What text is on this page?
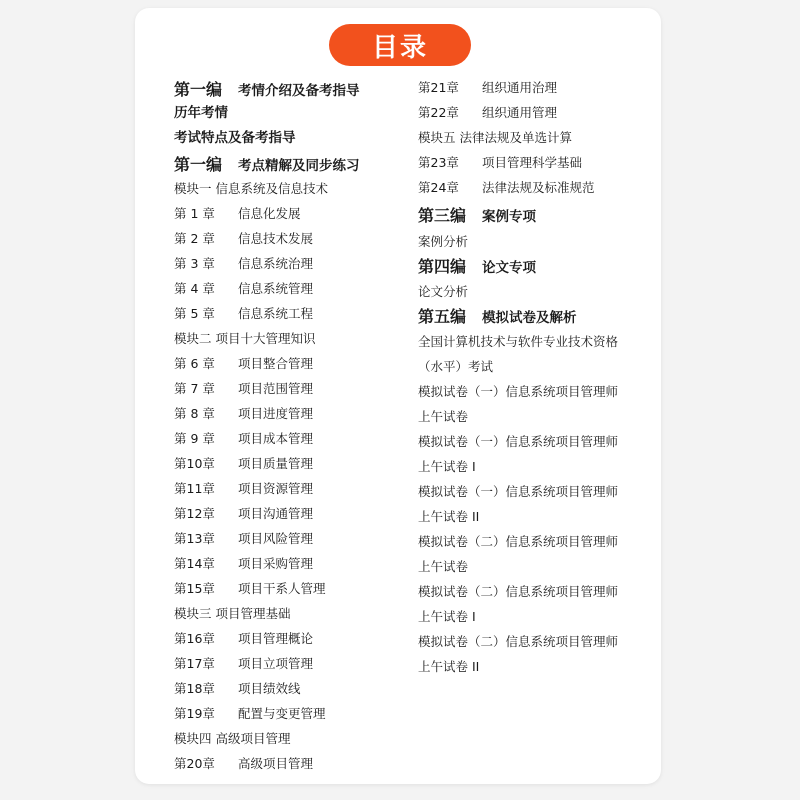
目录
第一编 考情介绍及备考指导
历年考情
考试特点及备考指导
第一编 考点精解及同步练习
模块一 信息系统及信息技术
第 1 章 信息化发展
第 2 章 信息技术发展
第 3 章 信息系统治理
第 4 章 信息系统管理
第 5 章 信息系统工程
模块二 项目十大管理知识
第 6 章 项目整合管理
第 7 章 项目范围管理
第 8 章 项目进度管理
第 9 章 项目成本管理
第10章 项目质量管理
第11章 项目资源管理
第12章 项目沟通管理
第13章 项目风险管理
第14章 项目采购管理
第15章 项目干系人管理
模块三 项目管理基础
第16章 项目管理概论
第17章 项目立项管理
第18章 项目绩效线
第19章 配置与变更管理
模块四 高级项目管理
第20章 高级项目管理
第21章 组织通用治理
第22章 组织通用管理
模块五 法律法规及单选计算
第23章 项目管理科学基础
第24章 法律法规及标准规范
第三编 案例专项
案例分析
第四编 论文专项
论文分析
第五编 模拟试卷及解析
全国计算机技术与软件专业技术资格
（水平）考试
模拟试卷（一）信息系统项目管理师
上午试卷
模拟试卷（一）信息系统项目管理师
上午试卷 I
模拟试卷（一）信息系统项目管理师
上午试卷 II
模拟试卷（二）信息系统项目管理师
上午试卷
模拟试卷（二）信息系统项目管理师
上午试卷 I
模拟试卷（二）信息系统项目管理师
上午试卷 II
